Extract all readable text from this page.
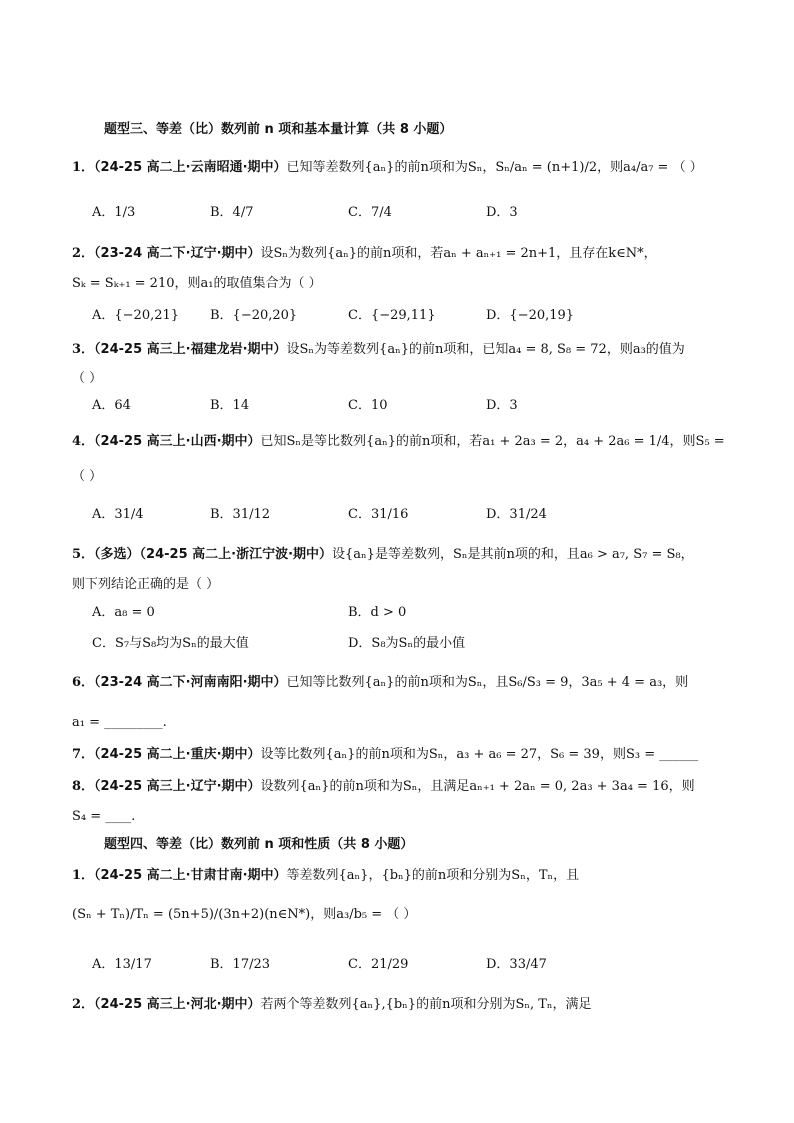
题型三、等差（比）数列前 n 项和基本量计算（共 8 小题）
1．（24-25 高二上·云南昭通·期中）已知等差数列{aₙ}的前n项和为Sₙ，Sₙ/aₙ = (n+1)/2，则a₄/a₇ = （ ）
A．1/3	B．4/7	C．7/4	D．3
2．（23-24 高二下·辽宁·期中）设Sₙ为数列{aₙ}的前n项和，若aₙ + aₙ₊₁ = 2n+1，且存在k∈N*，
Sₖ = Sₖ₊₁ = 210，则a₁的取值集合为（ ）
A．{−20,21} B．{−20,20}	C．{−29,11}	D．{−20,19}
3．（24-25 高三上·福建龙岩·期中）设Sₙ为等差数列{aₙ}的前n项和，已知a₄ = 8, S₈ = 72，则a₃的值为
（ ）
A．64	B．14	C．10	D．3
4．（24-25 高三上·山西·期中）已知Sₙ是等比数列{aₙ}的前n项和，若a₁ + 2a₃ = 2，a₄ + 2a₆ = 1/4，则S₅ =
（ ）
A．31/4	B．31/12	C．31/16	D．31/24
5．（多选）（24-25 高二上·浙江宁波·期中）设{aₙ}是等差数列，Sₙ是其前n项的和，且a₆ > a₇, S₇ = S₈，
则下列结论正确的是（ ）
A．a₈ = 0	B．d > 0
C．S₇与S₈均为Sₙ的最大值	D．S₈为Sₙ的最小值
6．（23-24 高二下·河南南阳·期中）已知等比数列{aₙ}的前n项和为Sₙ，且S₆/S₃ = 9，3a₅ + 4 = a₃，则
a₁ = _________.
7．（24-25 高二上·重庆·期中）设等比数列{aₙ}的前n项和为Sₙ，a₃ + a₆ = 27，S₆ = 39，则S₃ = ______
8．（24-25 高三上·辽宁·期中）设数列{aₙ}的前n项和为Sₙ，且满足aₙ₊₁ + 2aₙ = 0, 2a₃ + 3a₄ = 16，则
S₄ = ____.
题型四、等差（比）数列前 n 项和性质（共 8 小题）
1．（24-25 高二上·甘肃甘南·期中）等差数列{aₙ}，{bₙ}的前n项和分别为Sₙ，Tₙ，且
(Sₙ + Tₙ)/Tₙ = (5n+5)/(3n+2)(n∈N*)，则a₃/b₅ = （ ）
A．13/17	B．17/23	C．21/29	D．33/47
2．（24-25 高三上·河北·期中）若两个等差数列{aₙ},{bₙ}的前n项和分别为Sₙ, Tₙ，满足
